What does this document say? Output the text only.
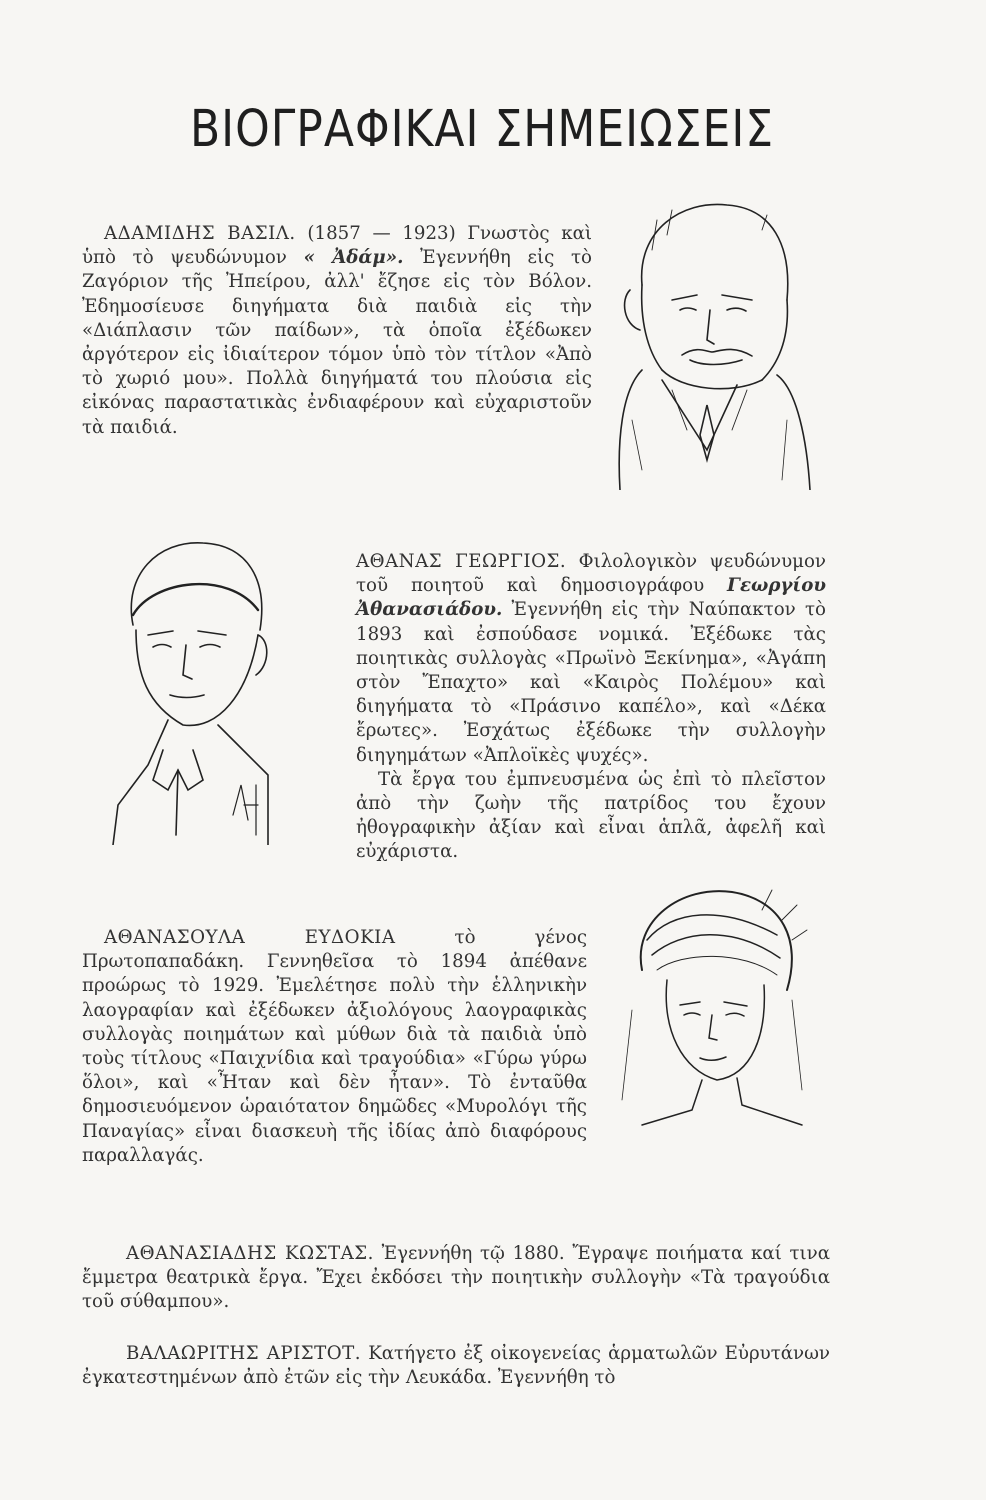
ΒΙΟΓΡΑΦΙΚΑΙ ΣΗΜΕΙΩΣΕΙΣ
ΑΔΑΜΙΔΗΣ ΒΑΣΙΛ. (1857 — 1923) Γνωστὸς καὶ ὑπὸ τὸ ψευδώνυμον « Ἀδάμ». Ἐγεννήθη εἰς τὸ Ζαγόριον τῆς Ἠπείρου, ἀλλ' ἔζησε εἰς τὸν Βόλον. Ἐδημοσίευσε διηγήματα διὰ παιδιὰ εἰς τὴν «Διάπλασιν τῶν παίδων», τὰ ὁποῖα ἐξέδωκεν ἀργότερον εἰς ἰδιαίτερον τόμον ὑπὸ τὸν τίτλον «Ἀπὸ τὸ χωριό μου». Πολλὰ διηγήματά του πλούσια εἰς εἰκόνας παραστατικὰς ἐνδιαφέρουν καὶ εὐχαριστοῦν τὰ παιδιά.
ΑΘΑΝΑΣ ΓΕΩΡΓΙΟΣ. Φιλολογικὸν ψευδώνυμον τοῦ ποιητοῦ καὶ δημοσιογράφου Γεωργίου Ἀθανασιάδου. Ἐγεννήθη εἰς τὴν Ναύπακτον τὸ 1893 καὶ ἐσπούδασε νομικά. Ἐξέδωκε τὰς ποιητικὰς συλλογὰς «Πρωϊνὸ Ξεκίνημα», «Ἀγάπη στὸν Ἔπαχτο» καὶ «Καιρὸς Πολέμου» καὶ διηγήματα τὸ «Πράσινο καπέλο», καὶ «Δέκα ἔρωτες». Ἐσχάτως ἐξέδωκε τὴν συλλογὴν διηγημάτων «Ἀπλοϊκὲς ψυχές».
Τὰ ἔργα του ἐμπνευσμένα ὡς ἐπὶ τὸ πλεῖστον ἀπὸ τὴν ζωὴν τῆς πατρίδος του ἔχουν ἠθογραφικὴν ἀξίαν καὶ εἶναι ἁπλᾶ, ἀφελῆ καὶ εὐχάριστα.
ΑΘΑΝΑΣΟΥΛΑ ΕΥΔΟΚΙΑ τὸ γένος Πρωτοπαπαδάκη. Γεννηθεῖσα τὸ 1894 ἀπέθανε προώρως τὸ 1929. Ἐμελέτησε πολὺ τὴν ἑλληνικὴν λαογραφίαν καὶ ἐξέδωκεν ἀξιολόγους λαογραφικὰς συλλογὰς ποιημάτων καὶ μύθων διὰ τὰ παιδιὰ ὑπὸ τοὺς τίτλους «Παιχνίδια καὶ τραγούδια» «Γύρω γύρω ὅλοι», καὶ «Ἦταν καὶ δὲν ἦταν». Τὸ ἐνταῦθα δημοσιευόμενον ὡραιότατον δημῶδες «Μυρολόγι τῆς Παναγίας» εἶναι διασκευὴ τῆς ἰδίας ἀπὸ διαφόρους παραλλαγάς.
ΑΘΑΝΑΣΙΑΔΗΣ ΚΩΣΤΑΣ. Ἐγεννήθη τῷ 1880. Ἔγραψε ποιήματα καί τινα ἔμμετρα θεατρικὰ ἔργα. Ἔχει ἐκδόσει τὴν ποιητικὴν συλλογὴν «Τὰ τραγούδια τοῦ σύθαμπου».
ΒΑΛΑΩΡΙΤΗΣ ΑΡΙΣΤΟΤ. Κατήγετο ἐξ οἰκογενείας ἁρματωλῶν Εὐρυτάνων ἐγκατεστημένων ἀπὸ ἐτῶν εἰς τὴν Λευκάδα. Ἐγεννήθη τὸ
